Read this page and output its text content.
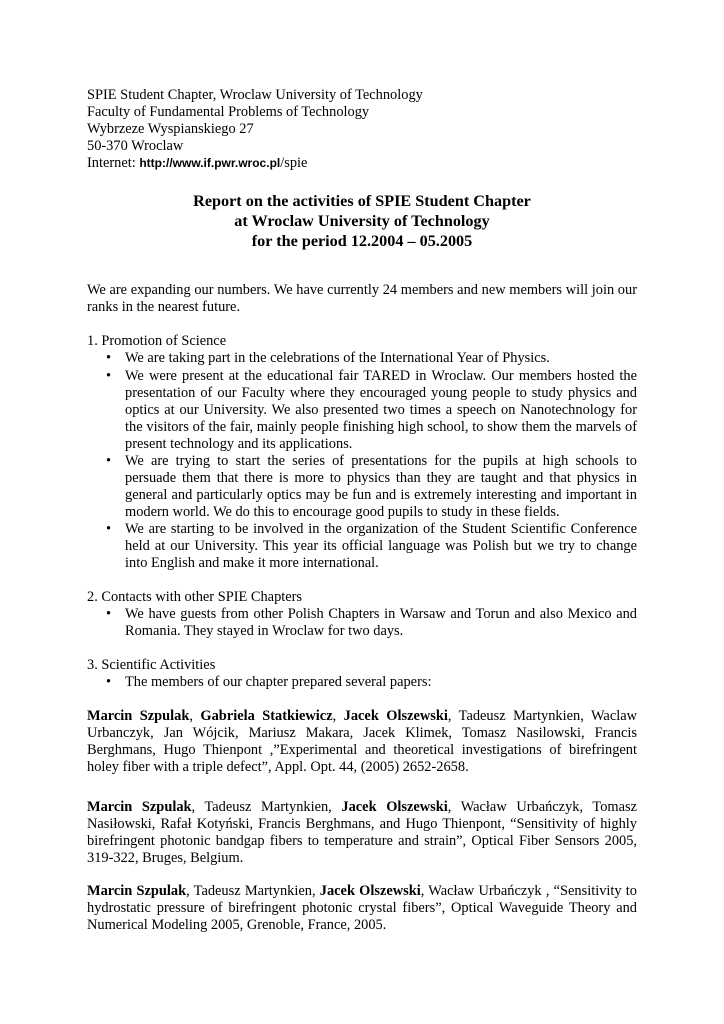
SPIE Student Chapter, Wroclaw University of Technology
Faculty of Fundamental Problems of Technology
Wybrzeze Wyspianskiego 27
50-370 Wroclaw
Internet: http://www.if.pwr.wroc.pl/spie
Report on the activities of SPIE Student Chapter
at Wroclaw University of Technology
for the period 12.2004 – 05.2005

We are expanding our numbers. We have currently 24 members and new members will join our ranks in the nearest future.

1. Promotion of Science
• We are taking part in the celebrations of the International Year of Physics.
• We were present at the educational fair TARED in Wroclaw. Our members hosted the presentation of our Faculty where they encouraged young people to study physics and optics at our University. We also presented two times a speech on Nanotechnology for the visitors of the fair, mainly people finishing high school, to show them the marvels of present technology and its applications.
• We are trying to start the series of presentations for the pupils at high schools to persuade them that there is more to physics than they are taught and that physics in general and particularly optics may be fun and is extremely interesting and important in modern world. We do this to encourage good pupils to study in these fields.
• We are starting to be involved in the organization of the Student Scientific Conference held at our University. This year its official language was Polish but we try to change into English and make it more international.
2. Contacts with other SPIE Chapters
• We have guests from other Polish Chapters in Warsaw and Torun and also Mexico and Romania. They stayed in Wroclaw for two days.
3. Scientific Activities
• The members of our chapter prepared several papers:

Marcin Szpulak, Gabriela Statkiewicz, Jacek Olszewski, Tadeusz Martynkien, Waclaw Urbanczyk, Jan Wójcik, Mariusz Makara, Jacek Klimek, Tomasz Nasilowski, Francis Berghmans, Hugo Thienpont ,”Experimental and theoretical investigations of birefringent holey fiber with a triple defect”, Appl. Opt. 44, (2005) 2652-2658.

Marcin Szpulak, Tadeusz Martynkien, Jacek Olszewski, Wacław Urbańczyk, Tomasz Nasiłowski, Rafał Kotyński, Francis Berghmans, and Hugo Thienpont, “Sensitivity of highly birefringent photonic bandgap fibers to temperature and strain”, Optical Fiber Sensors 2005, 319-322, Bruges, Belgium.

Marcin Szpulak, Tadeusz Martynkien, Jacek Olszewski, Wacław Urbańczyk , “Sensitivity to hydrostatic pressure of birefringent photonic crystal fibers”, Optical Waveguide Theory and Numerical Modeling 2005, Grenoble, France, 2005.
